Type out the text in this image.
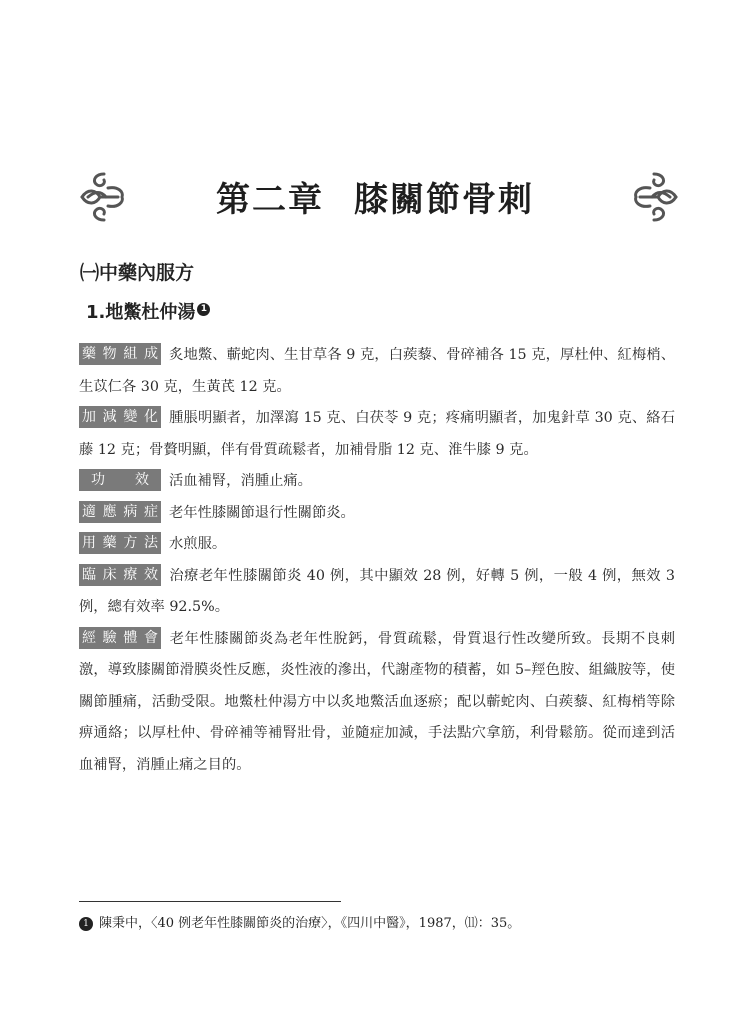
第二章 膝關節骨刺
㈠中藥內服方
1.地鱉杜仲湯 1

藥物組成 炙地鱉、蘄蛇肉、生甘草各 9 克，白蒺藜、骨碎補各 15 克，厚杜仲、紅梅梢、生苡仁各 30 克，生黃芪 12 克。

加減變化 腫脹明顯者，加澤瀉 15 克、白茯苓 9 克；疼痛明顯者，加鬼針草 30 克、絡石藤 12 克；骨贅明顯，伴有骨質疏鬆者，加補骨脂 12 克、淮牛膝 9 克。

功效 活血補腎，消腫止痛。

適應病症 老年性膝關節退行性關節炎。

用藥方法 水煎服。

臨床療效 治療老年性膝關節炎 40 例，其中顯效 28 例，好轉 5 例，一般 4 例，無效 3 例，總有效率 92.5%。

經驗體會 老年性膝關節炎為老年性脫鈣，骨質疏鬆，骨質退行性改變所致。長期不良刺激，導致膝關節滑膜炎性反應，炎性液的滲出，代謝產物的積蓄，如 5–羥色胺、組織胺等，使關節腫痛，活動受限。地鱉杜仲湯方中以炙地鱉活血逐瘀；配以蘄蛇肉、白蒺藜、紅梅梢等除痹通絡；以厚杜仲、骨碎補等補腎壯骨，並隨症加減，手法點穴拿筋，利骨鬆筋。從而達到活血補腎，消腫止痛之目的。

1 陳秉中，〈40 例老年性膝關節炎的治療〉，《四川中醫》，1987，⑾：35。
